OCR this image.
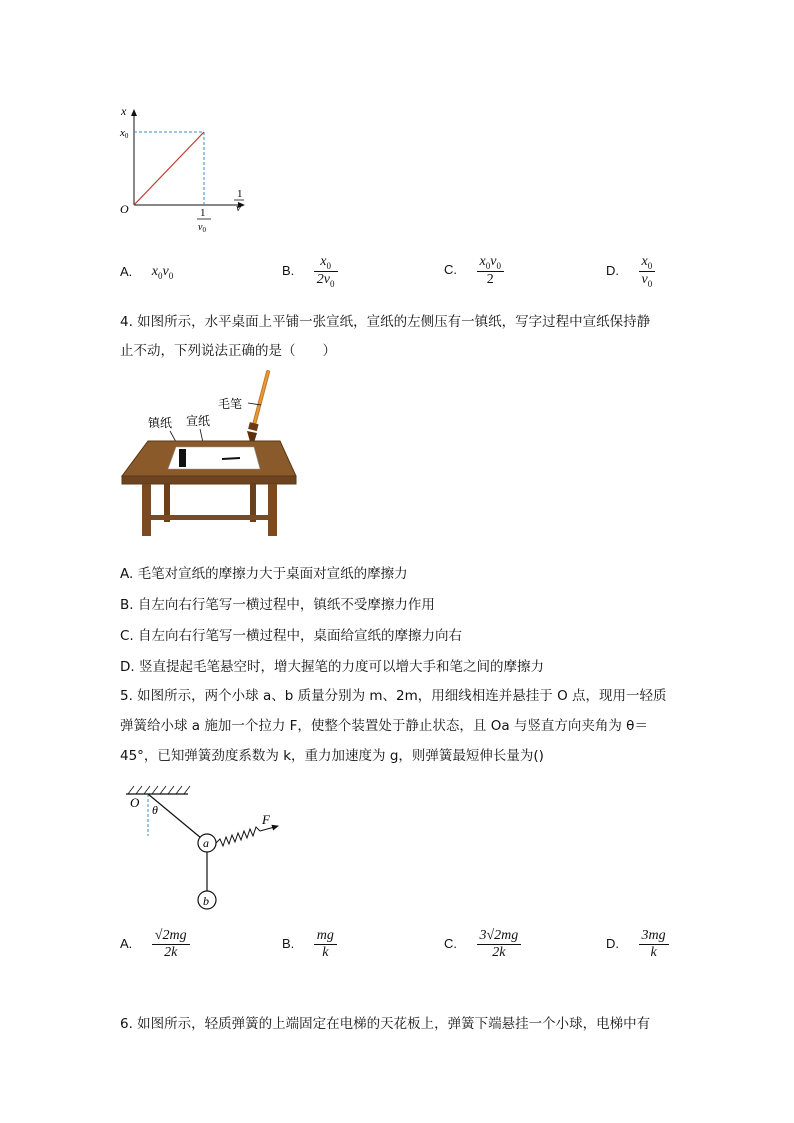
x
x0
O	1
$v_0$
1
v
A. $x_0v_0$	B. $\frac{x_0}{2v_0}$	C. $\frac{x_0v_0}{2}$	D. $\frac{x_0}{v_0}$
4. 如图所示，水平桌面上平铺一张宣纸，宣纸的左侧压有一镇纸，写字过程中宣纸保持静
止不动，下列说法正确的是（　　）
毛笔
镇纸 宣纸
A. 毛笔对宣纸的摩擦力大于桌面对宣纸的摩擦力
B. 自左向右行笔写一横过程中，镇纸不受摩擦力作用
C. 自左向右行笔写一横过程中，桌面给宣纸的摩擦力向右
D. 竖直提起毛笔悬空时，增大握笔的力度可以增大手和笔之间的摩擦力
5. 如图所示，两个小球 a、b 质量分别为 m、2m，用细线相连并悬挂于 O 点，现用一轻质
弹簧给小球 a 施加一个拉力 F，使整个装置处于静止状态，且 Oa 与竖直方向夹角为 θ＝
45°，已知弹簧劲度系数为 k，重力加速度为 g，则弹簧最短伸长量为()
a
b
O θ
F
A. $\frac{√2mg}{2k}$	B. $\frac{mg}{k}$	C. $\frac{3√2mg}{2k}$	D. $\frac{3mg}{k}$
6. 如图所示，轻质弹簧的上端固定在电梯的天花板上，弹簧下端悬挂一个小球，电梯中有
